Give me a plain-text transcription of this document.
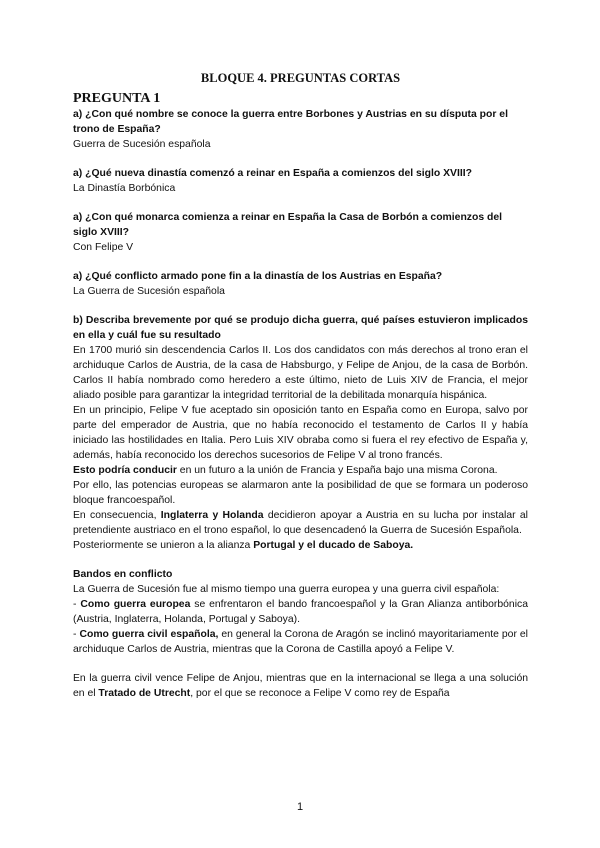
BLOQUE 4. PREGUNTAS CORTAS
PREGUNTA 1
a) ¿Con qué nombre se conoce la guerra entre Borbones y Austrias en su dísputa por el trono de España?
Guerra de Sucesión española
a) ¿Qué nueva dinastía comenzó a reinar en España a comienzos del siglo XVIII?
La Dinastía Borbónica
a) ¿Con qué monarca comienza a reinar en España la Casa de Borbón a comienzos del siglo XVIII?
Con Felipe V
a) ¿Qué conflicto armado pone fin a la dinastía de los Austrias en España?
La Guerra de Sucesión española

b) Describa brevemente por qué se produjo dicha guerra, qué países estuvieron implicados en ella y cuál fue su resultado

En 1700 murió sin descendencia Carlos II. Los dos candidatos con más derechos al trono eran el archiduque Carlos de Austria, de la casa de Habsburgo, y Felipe de Anjou, de la casa de Borbón. Carlos II había nombrado como heredero a este último, nieto de Luis XIV de Francia, el mejor aliado posible para garantizar la integridad territorial de la debilitada monarquía hispánica.

En un principio, Felipe V fue aceptado sin oposición tanto en España como en Europa, salvo por parte del emperador de Austria, que no había reconocido el testamento de Carlos II y había iniciado las hostilidades en Italia. Pero Luis XIV obraba como si fuera el rey efectivo de España y, además, había reconocido los derechos sucesorios de Felipe V al trono francés.

Esto podría conducir en un futuro a la unión de Francia y España bajo una misma Corona.

Por ello, las potencias europeas se alarmaron ante la posibilidad de que se formara un poderoso bloque francoespañol.

En consecuencia, Inglaterra y Holanda decidieron apoyar a Austria en su lucha por instalar al pretendiente austriaco en el trono español, lo que desencadenó la Guerra de Sucesión Española.

Posteriormente se unieron a la alianza Portugal y el ducado de Saboya.

Bandos en conflicto

La Guerra de Sucesión fue al mismo tiempo una guerra europea y una guerra civil española:

- Como guerra europea se enfrentaron el bando francoespañol y la Gran Alianza antiborbónica (Austria, Inglaterra, Holanda, Portugal y Saboya).

- Como guerra civil española, en general la Corona de Aragón se inclinó mayoritariamente por el archiduque Carlos de Austria, mientras que la Corona de Castilla apoyó a Felipe V.

En la guerra civil vence Felipe de Anjou, mientras que en la internacional se llega a una solución en el Tratado de Utrecht, por el que se reconoce a Felipe V como rey de España

1
